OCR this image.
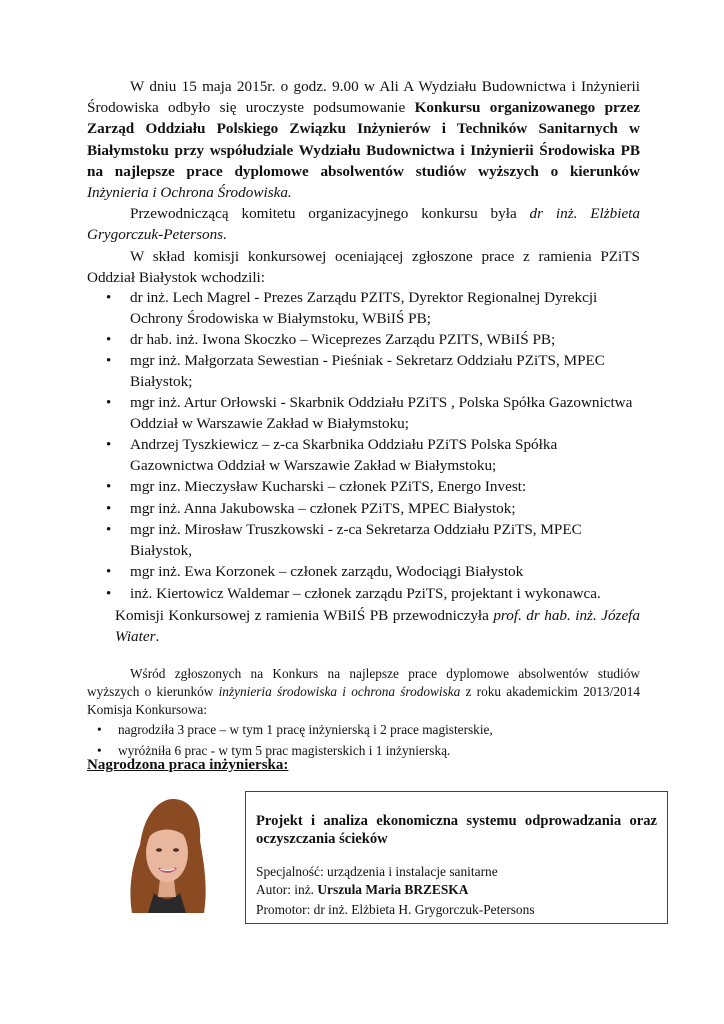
W dniu 15 maja 2015r. o godz. 9.00 w Ali A Wydziału Budownictwa i Inżynierii Środowiska odbyło się uroczyste podsumowanie Konkursu organizowanego przez Zarząd Oddziału Polskiego Związku Inżynierów i Techników Sanitarnych w Białymstoku przy współudziale Wydziału Budownictwa i Inżynierii Środowiska PB na najlepsze prace dyplomowe absolwentów studiów wyższych o kierunków Inżynieria i Ochrona Środowiska.

Przewodniczącą komitetu organizacyjnego konkursu była dr inż. Elżbieta Grygorczuk-Petersons.

W skład komisji konkursowej oceniającej zgłoszone prace z ramienia PZiTS Oddział Białystok wchodzili:

• dr inż. Lech Magrel - Prezes Zarządu PZITS, Dyrektor Regionalnej Dyrekcji Ochrony Środowiska w Białymstoku, WBiIŚ PB;
• dr hab. inż. Iwona Skoczko – Wiceprezes Zarządu PZITS, WBiIŚ PB;
• mgr inż. Małgorzata Sewestian - Pieśniak - Sekretarz Oddziału PZiTS, MPEC Białystok;
• mgr inż. Artur Orłowski - Skarbnik Oddziału PZiTS , Polska Spółka Gazownictwa Oddział w Warszawie Zakład w Białymstoku;
• Andrzej Tyszkiewicz – z-ca Skarbnika Oddziału PZiTS Polska Spółka Gazownictwa Oddział w Warszawie Zakład w Białymstoku;
• mgr inz. Mieczysław Kucharski – członek PZiTS, Energo Invest:
• mgr inż. Anna Jakubowska – członek PZiTS, MPEC Białystok;
• mgr inż. Mirosław Truszkowski - z-ca Sekretarza Oddziału PZiTS, MPEC Białystok,
• mgr inż. Ewa Korzonek – członek zarządu, Wodociągi Białystok
• inż. Kiertowicz Waldemar – członek zarządu PziTS, projektant i wykonawca.

Komisji Konkursowej z ramienia WBiIŚ PB przewodniczyła prof. dr hab. inż. Józefa Wiater.

Wśród zgłoszonych na Konkurs na najlepsze prace dyplomowe absolwentów studiów wyższych o kierunków inżynieria środowiska i ochrona środowiska z roku akademickim 2013/2014 Komisja Konkursowa:

• nagrodziła 3 prace – w tym 1 pracę inżynierską i 2 prace magisterskie,
• wyróżniła 6 prac - w tym 5 prac magisterskich i 1 inżynierską.
Nagrodzona praca inżynierska:

Projekt i analiza ekonomiczna systemu odprowadzania oraz oczyszczania ścieków

Specjalność: urządzenia i instalacje sanitarne

Autor: inż. Urszula Maria BRZESKA

Promotor: dr inż. Elżbieta H. Grygorczuk-Petersons
